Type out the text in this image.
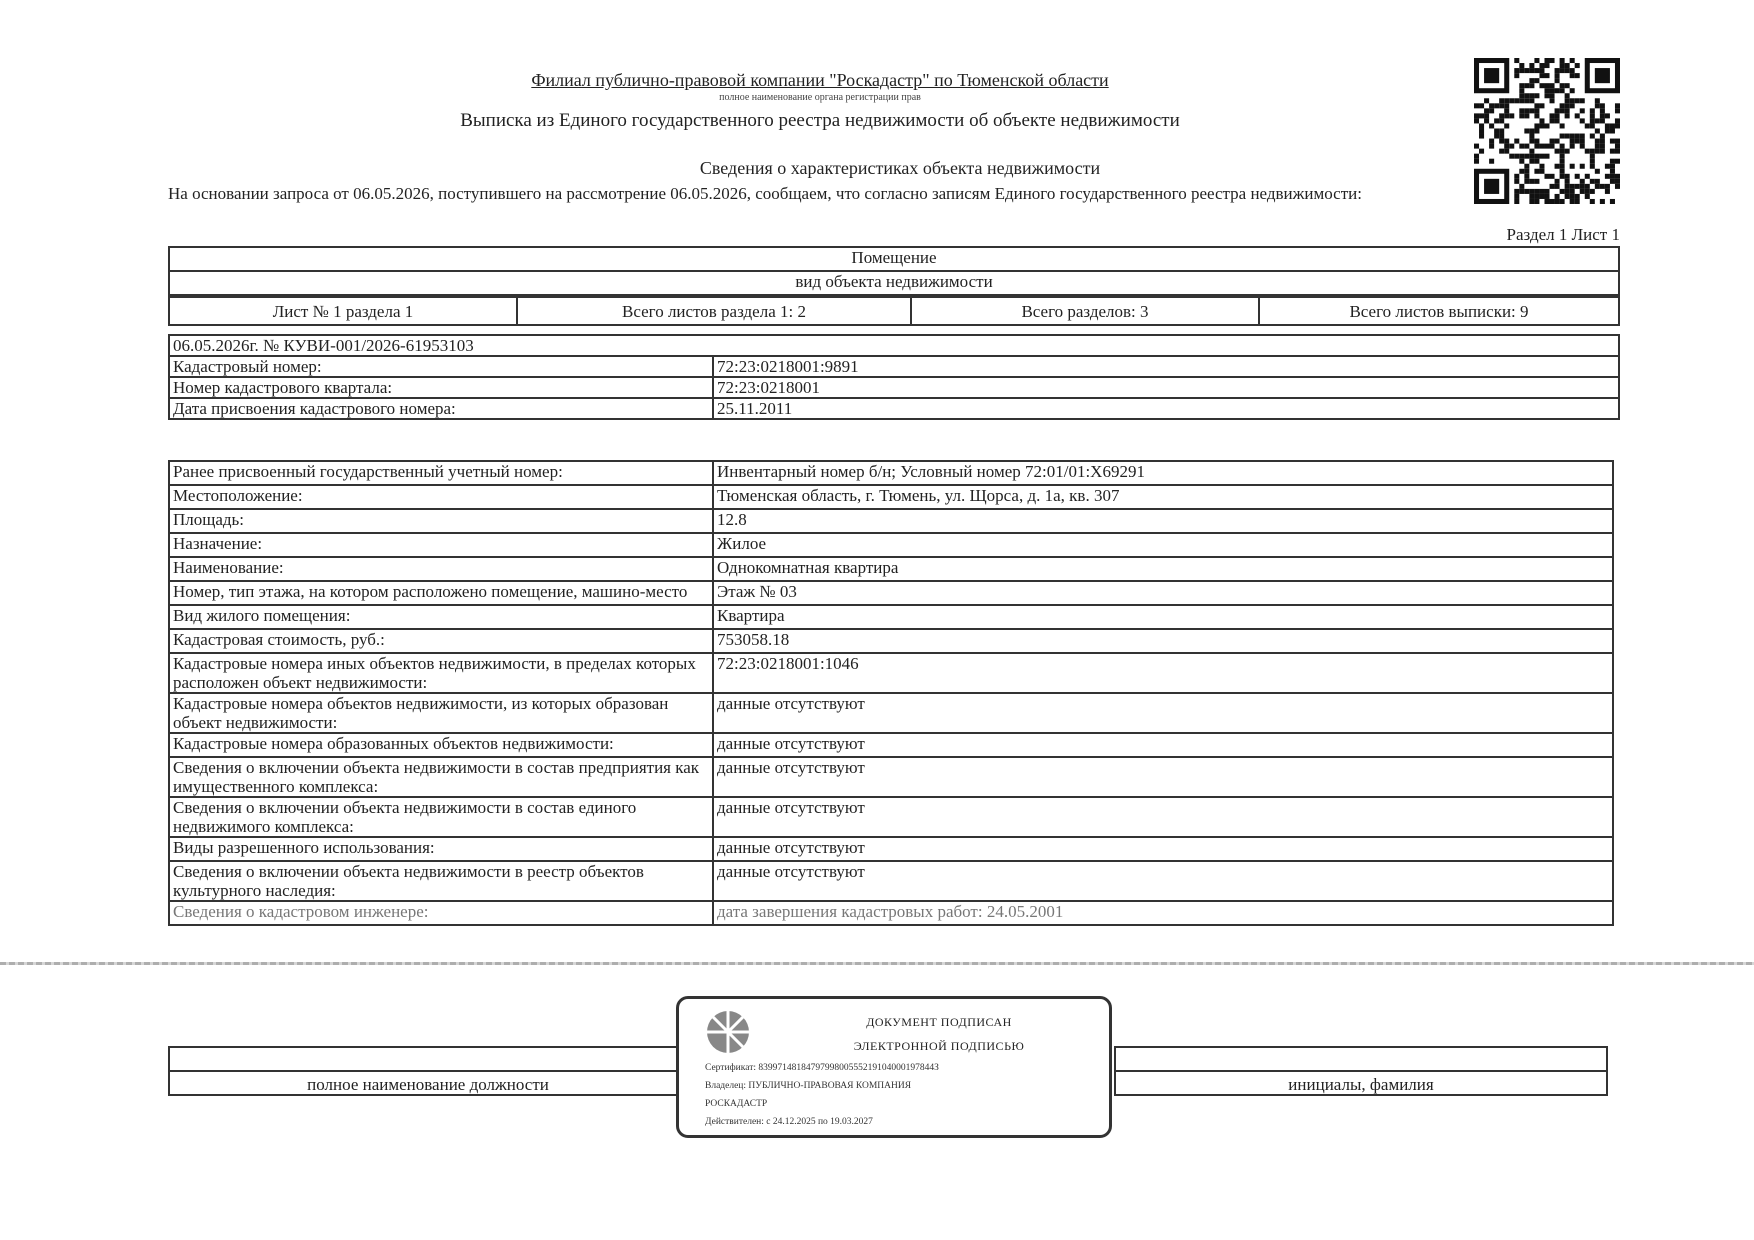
Филиал публично-правовой компании "Роскадастр" по Тюменской области
полное наименование органа регистрации прав
Выписка из Единого государственного реестра недвижимости об объекте недвижимости
Сведения о характеристиках объекта недвижимости
На основании запроса от 06.05.2026, поступившего на рассмотрение 06.05.2026, сообщаем, что согласно записям Единого государственного реестра недвижимости:
Раздел 1 Лист 1
Помещение
вид объекта недвижимости
Лист № 1 раздела 1	Всего листов раздела 1: 2	Всего разделов: 3	Всего листов выписки: 9
06.05.2026г. № КУВИ-001/2026-61953103	
Кадастровый номер:	72:23:0218001:9891
Номер кадастрового квартала:	72:23:0218001
Дата присвоения кадастрового номера:	25.11.2011
Ранее присвоенный государственный учетный номер:	Инвентарный номер б/н; Условный номер 72:01/01:X69291
Местоположение:	Тюменская область, г. Тюмень, ул. Щорса, д. 1а, кв. 307
Площадь:	12.8
Назначение:	Жилое
Наименование:	Однокомнатная квартира
Номер, тип этажа, на котором расположено помещение, машино-место	Этаж № 03
Вид жилого помещения:	Квартира
Кадастровая стоимость, руб.:	753058.18
Кадастровые номера иных объектов недвижимости, в пределах которых расположен объект недвижимости:	72:23:0218001:1046
Кадастровые номера объектов недвижимости, из которых образован объект недвижимости:	данные отсутствуют
Кадастровые номера образованных объектов недвижимости:	данные отсутствуют
Сведения о включении объекта недвижимости в состав предприятия как имущественного комплекса:	данные отсутствуют
Сведения о включении объекта недвижимости в состав единого недвижимого комплекса:	данные отсутствуют
Виды разрешенного использования:	данные отсутствуют
Сведения о включении объекта недвижимости в реестр объектов культурного наследия:	данные отсутствуют
Сведения о кадастровом инженере:	дата завершения кадастровых работ: 24.05.2001

полное наименование должности		инициалы, фамилия
ДОКУМЕНТ ПОДПИСАН
ЭЛЕКТРОННОЙ ПОДПИСЬЮ
Сертификат: 8399714818479799800555219104000197844З
Владелец: ПУБЛИЧНО-ПРАВОВАЯ КОМПАНИЯ
РОСКАДАСТР
Действителен: с 24.12.2025 по 19.03.2027
